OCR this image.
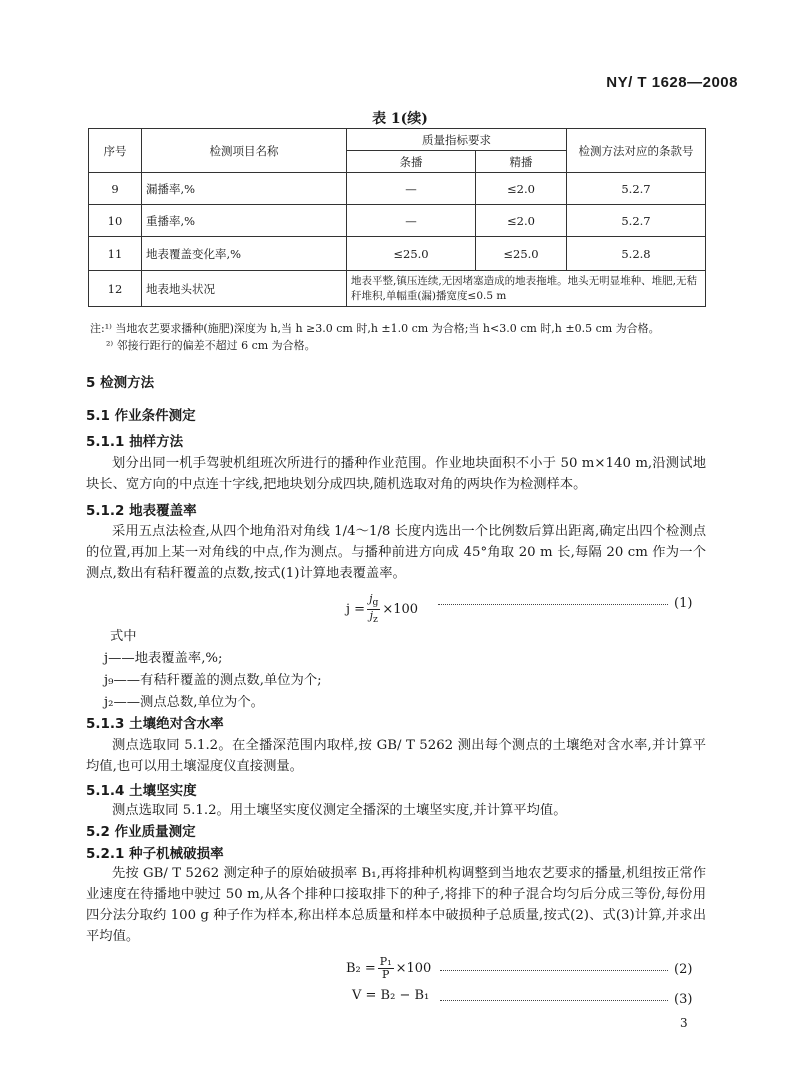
NY/ T 1628—2008
表 1(续)
序号	检测项目名称	质量指标要求		检测方法对应的条款号
		条播	精播	
9	漏播率,%	—	≤2.0	5.2.7
10	重播率,%	—	≤2.0	5.2.7
11	地表覆盖变化率,%	≤25.0	≤25.0	5.2.8
12	地表地头状况	地表平整,镇压连续,无因堵塞造成的地表拖堆。地头无明显堆种、堆肥,无秸秆堆积,单幅重(漏)播宽度≤0.5 m		
注:¹⁾ 当地农艺要求播种(施肥)深度为 h,当 h ≥3.0 cm 时,h ±1.0 cm 为合格;当 h<3.0 cm 时,h ±0.5 cm 为合格。
²⁾ 邻接行距行的偏差不超过 6 cm 为合格。
5 检测方法
5.1 作业条件测定
5.1.1 抽样方法
划分出同一机手驾驶机组班次所进行的播种作业范围。作业地块面积不小于 50 m×140 m,沿测试地块长、宽方向的中点连十字线,把地块划分成四块,随机选取对角的两块作为检测样本。
5.1.2 地表覆盖率
采用五点法检查,从四个地角沿对角线 1/4～1/8 长度内选出一个比例数后算出距离,确定出四个检测点的位置,再加上某一对角线的中点,作为测点。与播种前进方向成 45°角取 20 m 长,每隔 20 cm 作为一个测点,数出有秸秆覆盖的点数,按式(1)计算地表覆盖率。
$j = \frac{j_g}{j_z} \times 100$	(1)
式中
j——地表覆盖率,%;
j₉——有秸秆覆盖的测点数,单位为个;
j₂——测点总数,单位为个。
5.1.3 土壤绝对含水率
测点选取同 5.1.2。在全播深范围内取样,按 GB/ T 5262 测出每个测点的土壤绝对含水率,并计算平均值,也可以用土壤湿度仪直接测量。
5.1.4 土壤坚实度
测点选取同 5.1.2。用土壤坚实度仪测定全播深的土壤坚实度,并计算平均值。
5.2 作业质量测定
5.2.1 种子机械破损率
先按 GB/ T 5262 测定种子的原始破损率 B₁,再将排种机构调整到当地农艺要求的播量,机组按正常作业速度在待播地中驶过 50 m,从各个排种口接取排下的种子,将排下的种子混合均匀后分成三等份,每份用四分法分取约 100 g 种子作为样本,称出样本总质量和样本中破损种子总质量,按式(2)、式(3)计算,并求出平均值。
$B_2 = \frac{\text{P₁}}{P} \times 100$	(2)
V = B₂ − B₁	(3)
3
